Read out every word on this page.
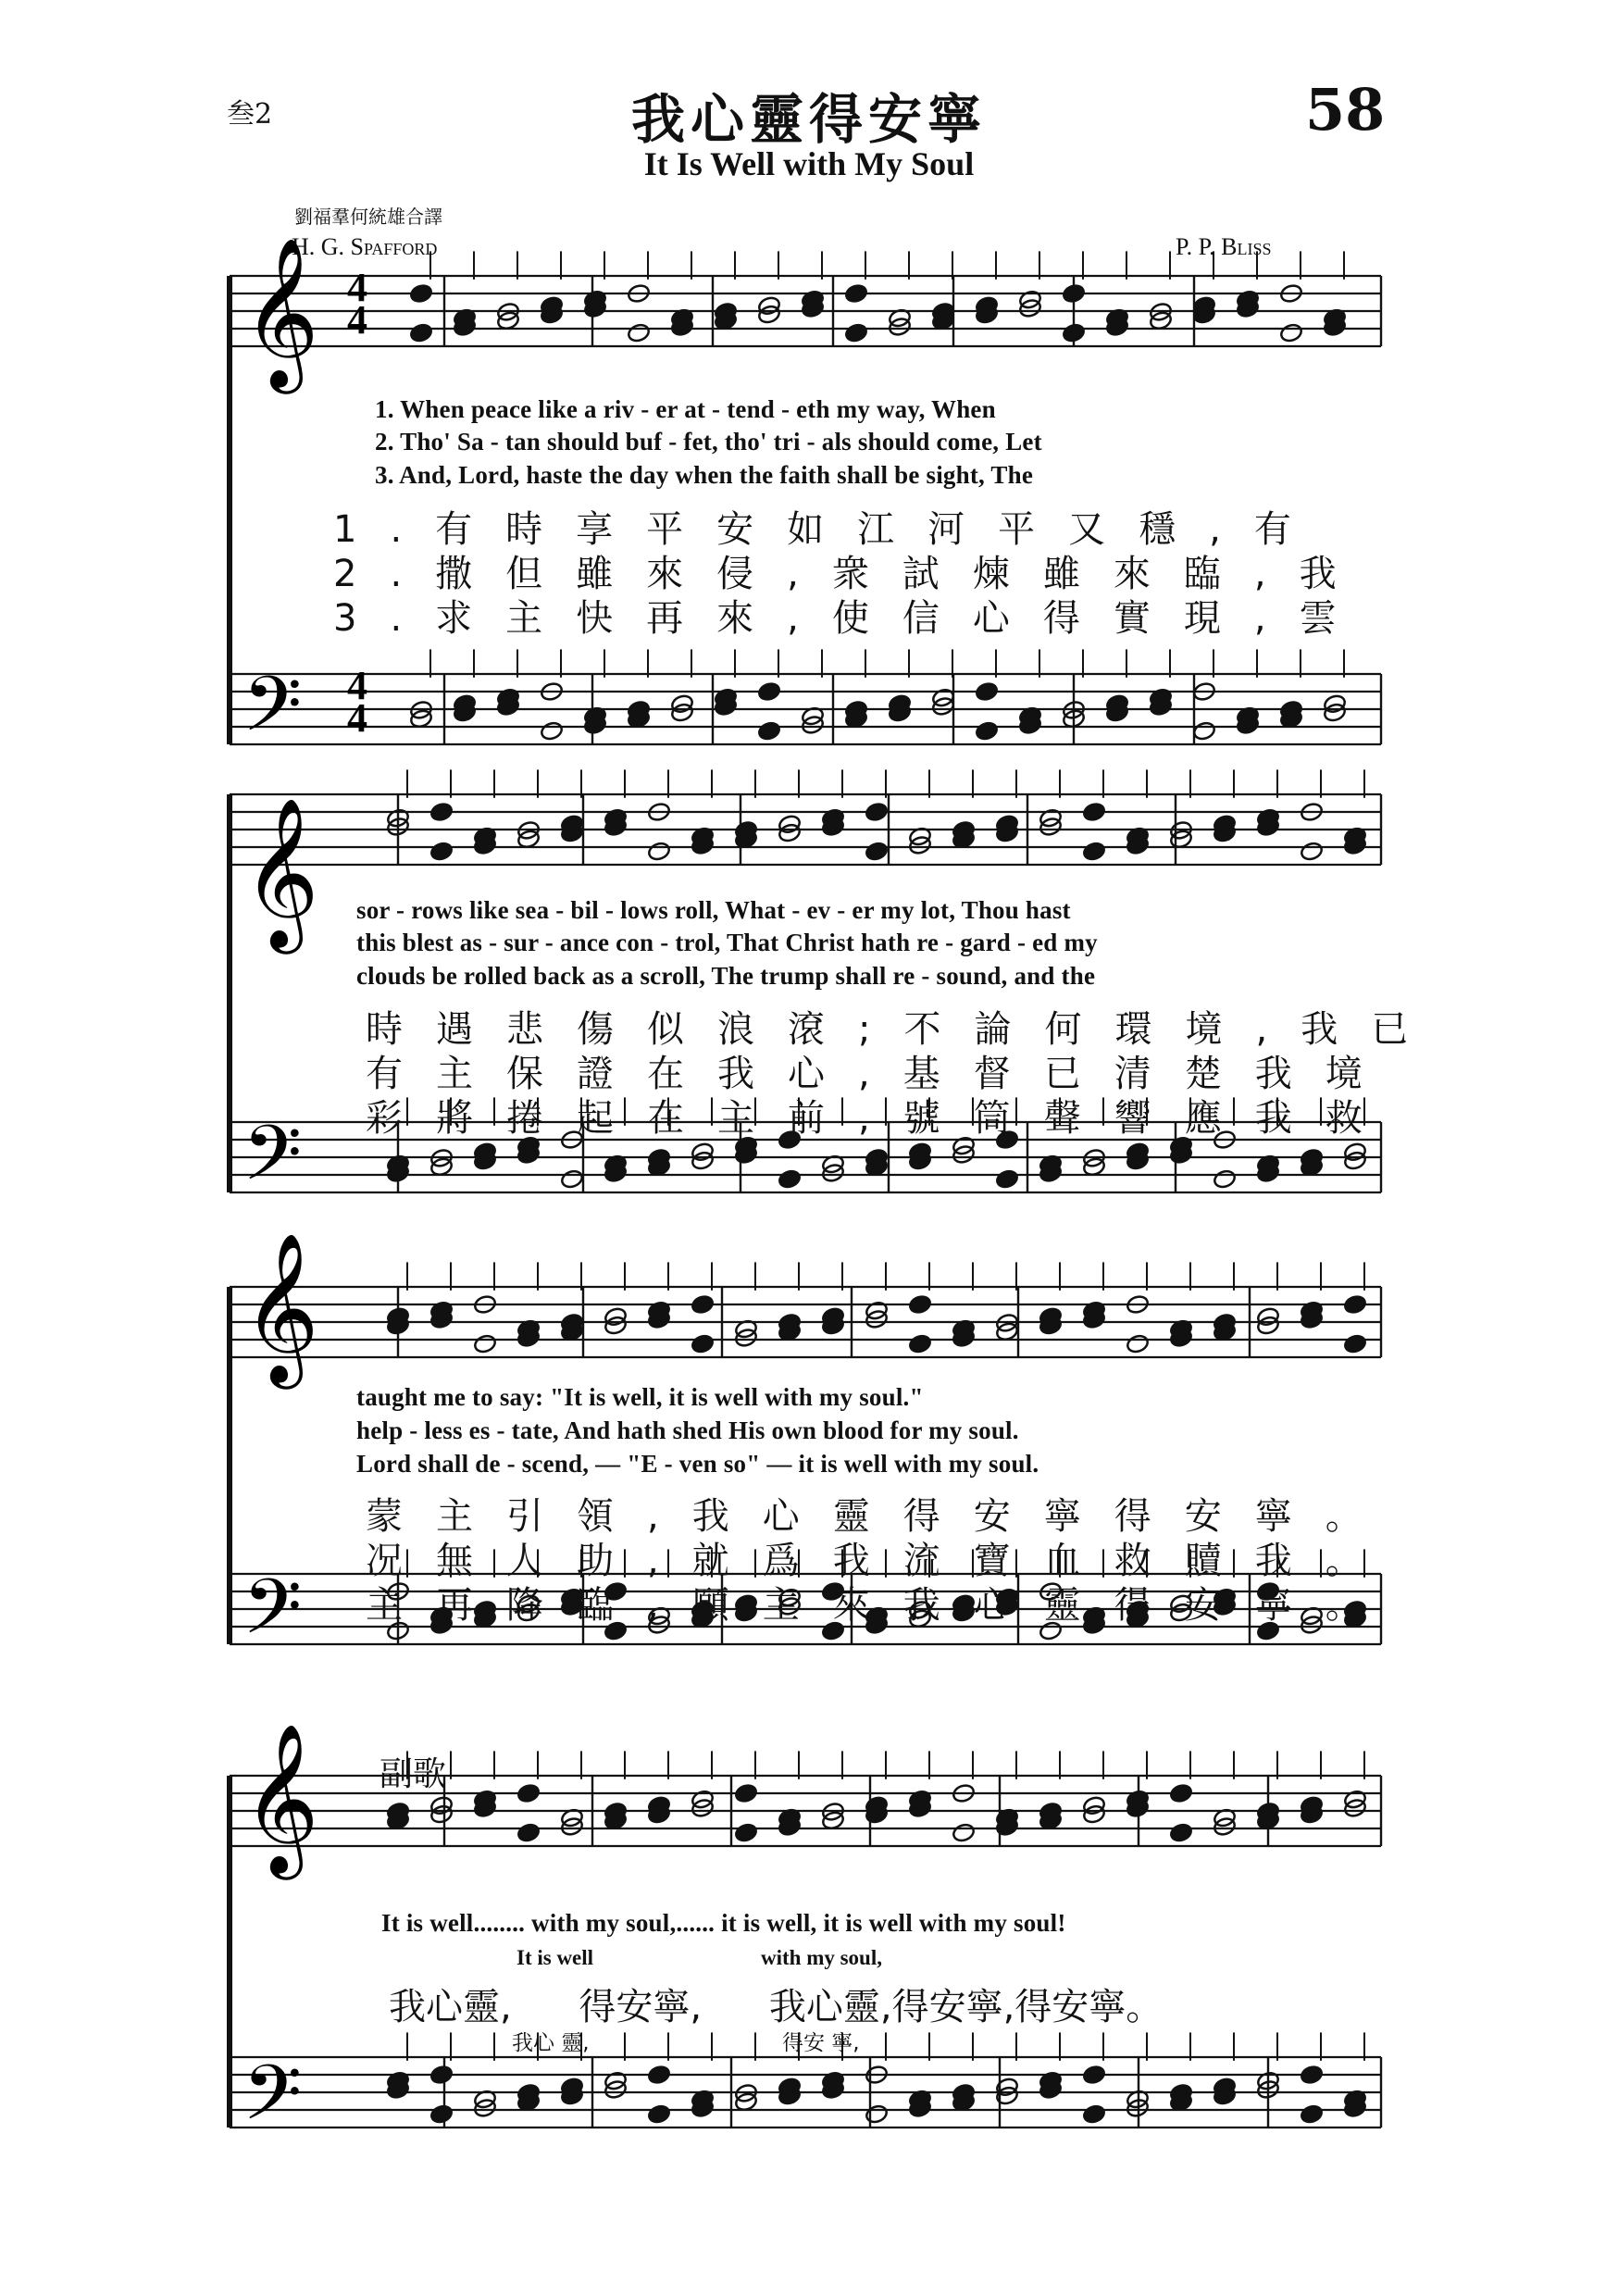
叁2	我心靈得安寧
It Is Well with My Soul
58
劉福羣何統雄合譯
H. G. Spafford	P. P. Bliss
𝄞
𝄞
𝄞
𝄞
𝄢
𝄢
𝄢
𝄢
4
4
4
4
副歌
1. When peace like a riv - er at - tend - eth my way, When
2. Tho' Sa - tan should buf - fet, tho' tri - als should come, Let
3. And, Lord, haste the day when the faith shall be sight, The
1.有時享平安如江河平又穩,有
2.撒但雖來侵,衆試煉雖來臨,我
3.求主快再來,使信心得實現,雲
sor - rows like sea - bil - lows roll, What - ev - er my lot, Thou hast
this blest as - sur - ance con - trol, That Christ hath re - gard - ed my
clouds be rolled back as a scroll, The trump shall re - sound, and the
時遇悲傷似浪滾;不論何環境,我已
有主保證在我心,基督已清楚我境
彩將捲起在主前,號筒聲響應我救
taught me to say: "It is well, it is well with my soul."
help - less es - tate, And hath shed His own blood for my soul.
Lord shall de - scend, — "E - ven so" — it is well with my soul.
蒙主引領,我心靈得安寧得安寧。
况無人助,就爲我流寶血救贖我。
主再降臨,願主來我心靈得安寧。
It is well........ with my soul,...... it is well, it is well with my soul!
It is well	with my soul,
我心靈, 得安寧, 我心靈,得安寧,得安寧。
我心 靈,	得安 寧,
